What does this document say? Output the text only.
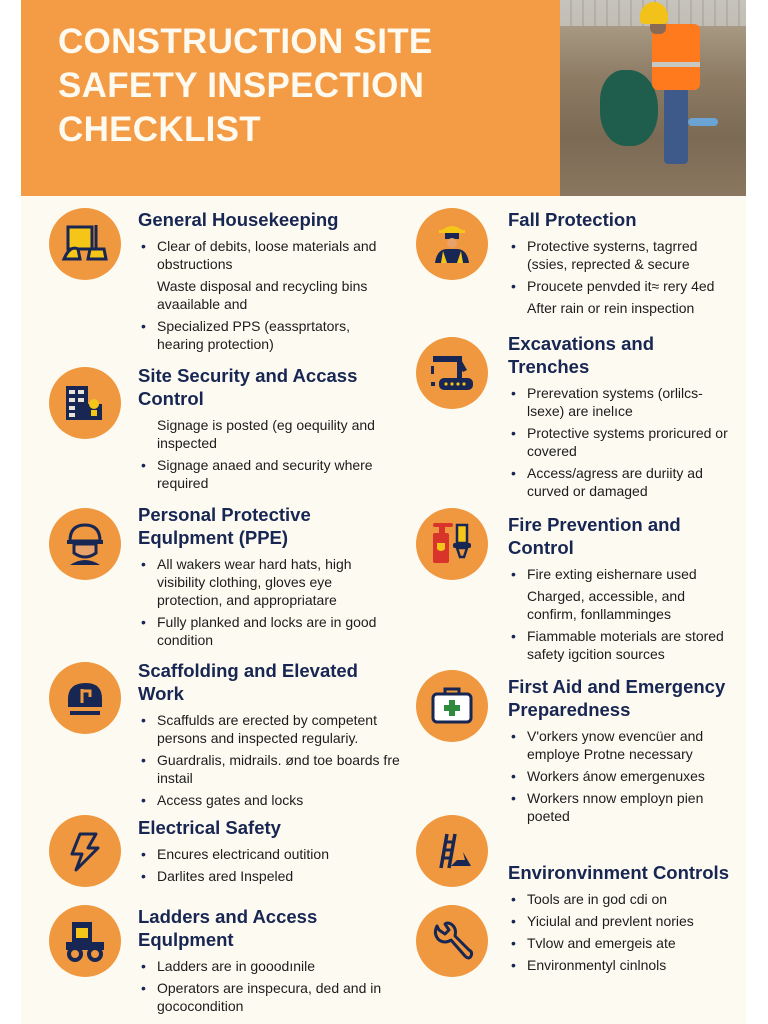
CONSTRUCTION SITE
SAFETY INSPECTION
CHECKLIST
General Housekeeping
• Clear of debits, loose materials and obstructions
Waste disposal and recycling bins avaailable and
• Specialized PPS (eassprtators, hearing protection)
Site Security and Accass Control
Signage is posted (eg oequility and inspected
• Signage anaed and security where required
Personal Protective Equlpment (PPE)
• All wakers wear hard hats, high visibility clothing, gloves eye protection, and appropriatare
• Fully planked and locks are in good condition
Scaffolding and Elevated Work
• Scaffulds are erected by competent persons and inspected regulariy.
• Guardralis, midrails. ønd toe boards fre instail
• Access gates and locks
Electrical Safety
• Encures electricand outition
• Darlites ared Inspeled
Ladders and Access Equlpment
• Ladders are in gooodınile
• Operators are inspecura, ded and in gococondition
Fall Protection
• Protective systerns, tagrred (ssies, reprected & secure
• Proucete penvded it≈ rery 4ed
After rain or rein inspection
Excavations and Trenches
• Prerevation systems (orlilcs-lsexe) are inelıce
• Protective systems proricured or covered
• Access/agress are duriity ad curved or damaged
Fire Prevention and Control
• Fire exting eishernare used
Charged, accessible, and confirm, fonllamminges
• Fiammable moterials are stored safety igcition sources
First Aid and Emergency Preparedness
• V'orkers ynow evencüer and employe Protne necessary
• Workers ánow emergenuxes
• Workers nnow employn pien poeted
Environvinment Controls
• Tools are in god cdi on
• Yiciulal and prevlent nories
• Tvlow and emergeis ate
• Environmentyl cinlnols
